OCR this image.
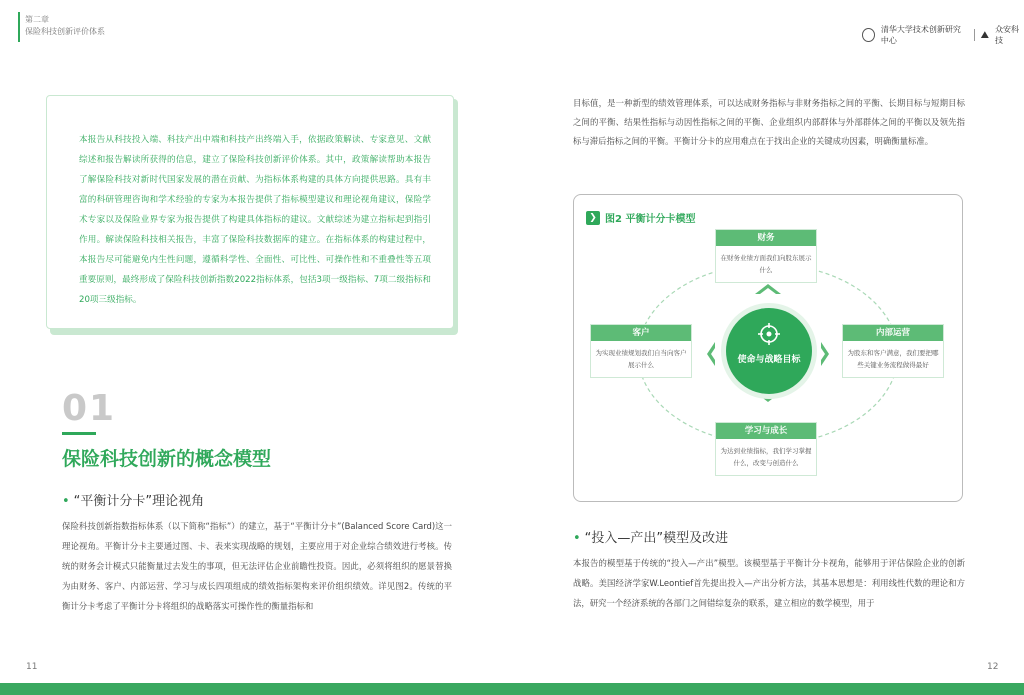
第二章
保险科技创新评价体系	清华大学技术创新研究中心	⛰ 众安科技

本报告从科技投入端、科技产出中端和科技产出终端入手，依据政策解读、专家意见、文献综述和报告解读所获得的信息，建立了保险科技创新评价体系。其中，政策解读帮助本报告了解保险科技对新时代国家发展的潜在贡献、为指标体系构建的具体方向提供思路。具有丰富的科研管理咨询和学术经验的专家为本报告提供了指标模型建议和理论视角建议，保险学术专家以及保险业界专家为报告提供了构建具体指标的建议。文献综述为建立指标起到指引作用。解读保险科技相关报告，丰富了保险科技数据库的建立。在指标体系的构建过程中，本报告尽可能避免内生性问题，遵循科学性、全面性、可比性、可操作性和不重叠性等五项重要原则，最终形成了保险科技创新指数2022指标体系，包括3项一级指标、7项二级指标和20项三级指标。

01
保险科技创新的概念模型
• “平衡计分卡”理论视角
保险科技创新指数指标体系（以下简称“指标”）的建立，基于“平衡计分卡”(Balanced Score Card)这一理论视角。平衡计分卡主要通过图、卡、表来实现战略的规划，主要应用于对企业综合绩效进行考核。传统的财务会计模式只能衡量过去发生的事项，但无法评估企业前瞻性投资。因此，必须将组织的愿景替换为由财务、客户、内部运营、学习与成长四项组成的绩效指标架构来评价组织绩效。详见图2。传统的平衡计分卡考虑了平衡计分卡将组织的战略落实可操作性的衡量指标和
目标值，是一种新型的绩效管理体系，可以达成财务指标与非财务指标之间的平衡、长期目标与短期目标之间的平衡、结果性指标与动因性指标之间的平衡、企业组织内部群体与外部群体之间的平衡以及领先指标与滞后指标之间的平衡。平衡计分卡的应用难点在于找出企业的关键成功因素，明确衡量标准。
❯ 图2 平衡计分卡模型
财务
在财务业绩方面我们向股东展示什么
客户
为实现业绩规划我们自当向客户展示什么
内部运营
为股东和客户满意，我们要把哪些关键业务流程做得最好
学习与成长
为达到业绩指标，我们学习掌握什么，改变与创造什么
使命与战略目标
• “投入—产出”模型及改进
本报告的模型基于传统的“投入—产出”模型。该模型基于平衡计分卡视角，能够用于评估保险企业的创新战略。美国经济学家W.Leontief首先提出投入—产出分析方法，其基本思想是：利用线性代数的理论和方法，研究一个经济系统的各部门之间错综复杂的联系，建立相应的数学模型，用于
11	12
